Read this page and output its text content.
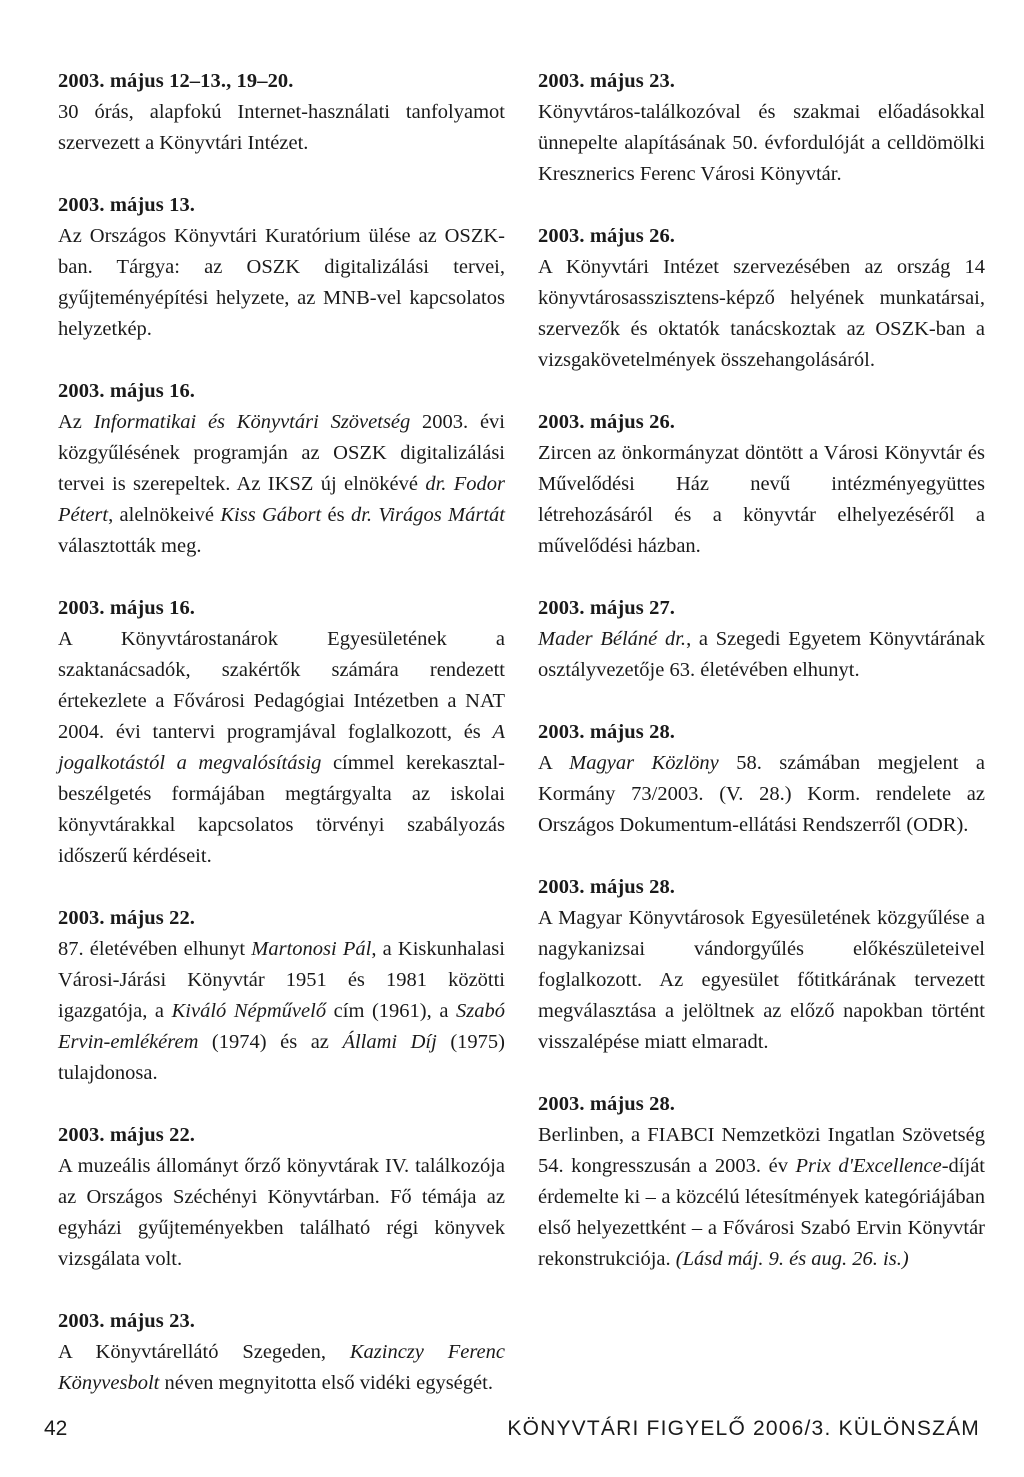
2003. május 12–13., 19–20.
30 órás, alapfokú Internet-használati tanfolyamot szervezett a Könyvtári Intézet.
2003. május 13.
Az Országos Könyvtári Kuratórium ülése az OSZK-ban. Tárgya: az OSZK digitalizálási tervei, gyűjteményépítési helyzete, az MNB-vel kapcsolatos helyzetkép.
2003. május 16.
Az Informatikai és Könyvtári Szövetség 2003. évi közgyűlésének programján az OSZK digitalizálási tervei is szerepeltek. Az IKSZ új elnökévé dr. Fodor Pétert, alelnökeivé Kiss Gábort és dr. Virágos Mártát választották meg.
2003. május 16.
A Könyvtárostanárok Egyesületének a szaktanácsadók, szakértők számára rendezett értekezlete a Fővárosi Pedagógiai Intézetben a NAT 2004. évi tantervi programjával foglalkozott, és A jogalkotástól a megvalósításig címmel kerekasztal-beszélgetés formájában megtárgyalta az iskolai könyvtárakkal kapcsolatos törvényi szabályozás időszerű kérdéseit.
2003. május 22.
87. életévében elhunyt Martonosi Pál, a Kiskunhalasi Városi-Járási Könyvtár 1951 és 1981 közötti igazgatója, a Kiváló Népművelő cím (1961), a Szabó Ervin-emlékérem (1974) és az Állami Díj (1975) tulajdonosa.
2003. május 22.
A muzeális állományt őrző könyvtárak IV. találkozója az Országos Széchényi Könyvtárban. Fő témája az egyházi gyűjteményekben található régi könyvek vizsgálata volt.
2003. május 23.
A Könyvtárellátó Szegeden, Kazinczy Ferenc Könyvesbolt néven megnyitotta első vidéki egységét.
2003. május 23.
Könyvtáros-találkozóval és szakmai előadásokkal ünnepelte alapításának 50. évfordulóját a celldömölki Kresznerics Ferenc Városi Könyvtár.
2003. május 26.
A Könyvtári Intézet szervezésében az ország 14 könyvtárosasszisztens-képző helyének munkatársai, szervezők és oktatók tanácskoztak az OSZK-ban a vizsgakövetelmények összehangolásáról.
2003. május 26.
Zircen az önkormányzat döntött a Városi Könyvtár és Művelődési Ház nevű intézményegyüttes létrehozásáról és a könyvtár elhelyezéséről a művelődési házban.
2003. május 27.
Mader Béláné dr., a Szegedi Egyetem Könyvtárának osztályvezetője 63. életévében elhunyt.
2003. május 28.
A Magyar Közlöny 58. számában megjelent a Kormány 73/2003. (V. 28.) Korm. rendelete az Országos Dokumentum-ellátási Rendszerről (ODR).
2003. május 28.
A Magyar Könyvtárosok Egyesületének közgyűlése a nagykanizsai vándorgyűlés előkészületeivel foglalkozott. Az egyesület főtitkárának tervezett megválasztása a jelöltnek az előző napokban történt visszalépése miatt elmaradt.
2003. május 28.
Berlinben, a FIABCI Nemzetközi Ingatlan Szövetség 54. kongresszusán a 2003. év Prix d'Excellence-díját érdemelte ki – a közcélú létesítmények kategóriájában első helyezettként – a Fővárosi Szabó Ervin Könyvtár rekonstrukciója. (Lásd máj. 9. és aug. 26. is.)
42	KÖNYVTÁRI FIGYELŐ 2006/3. KÜLÖNSZÁM
